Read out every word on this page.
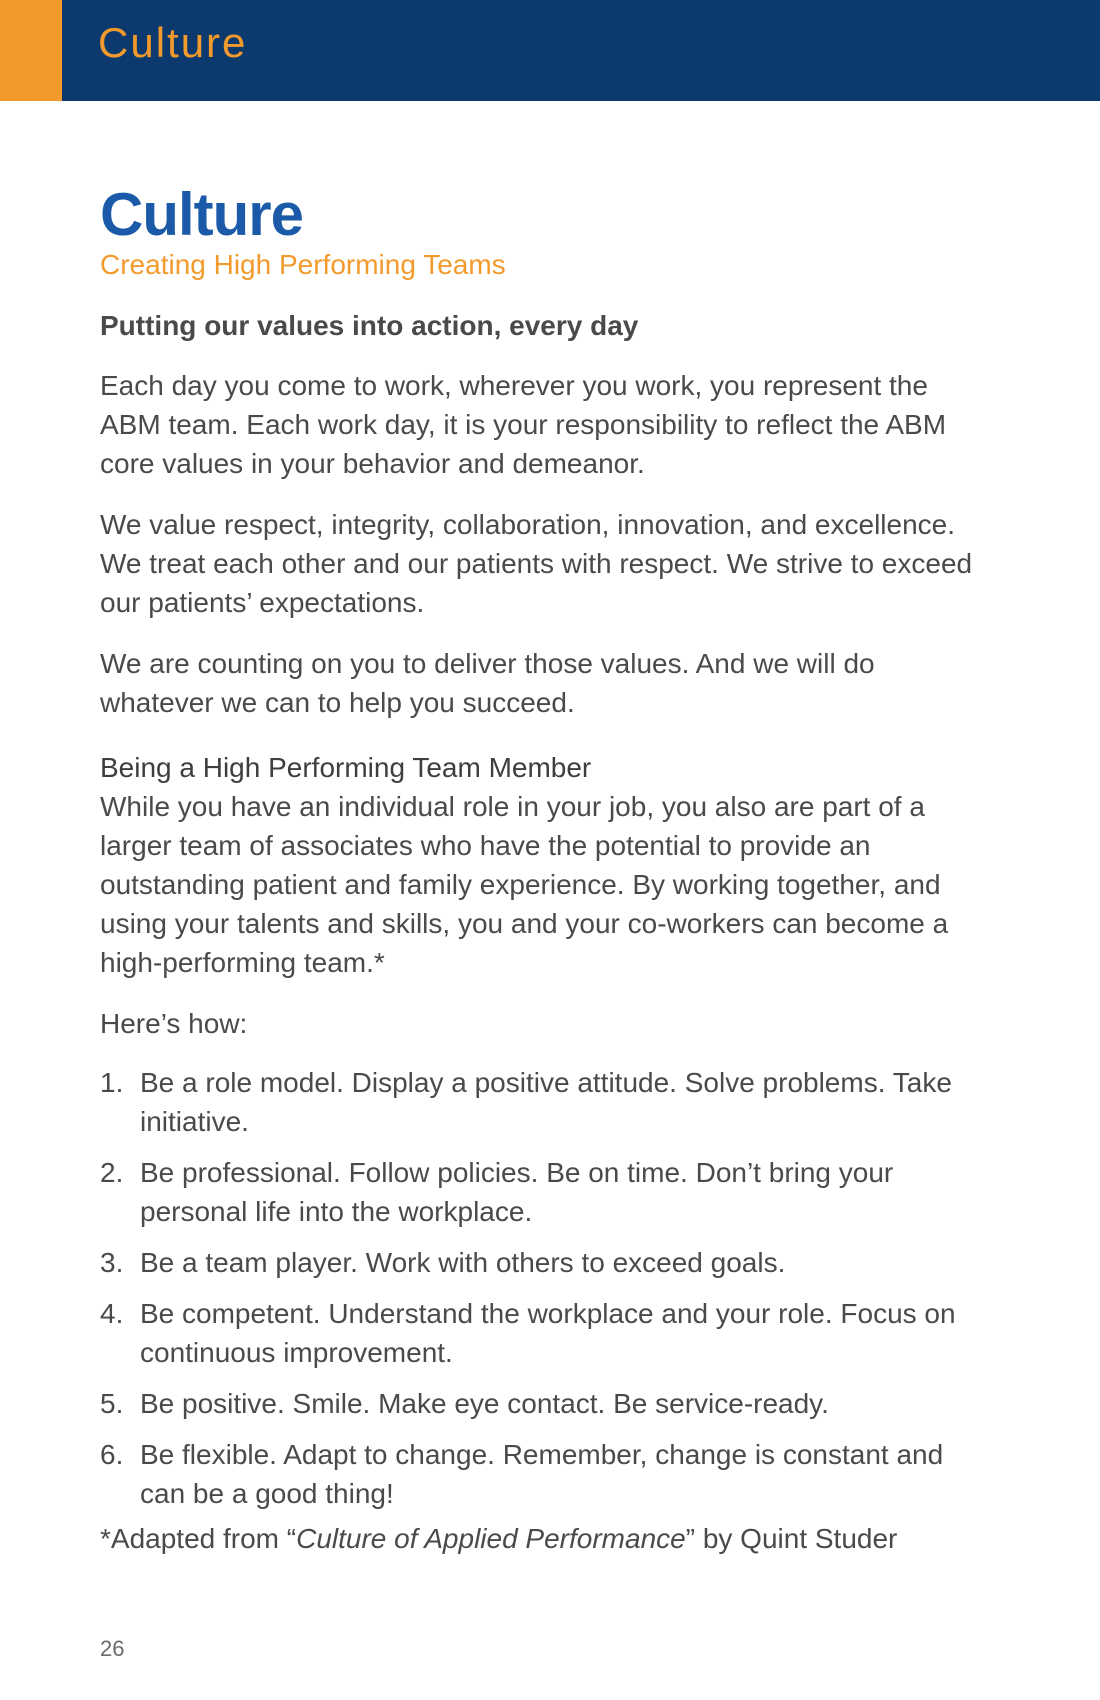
Culture
Culture
Creating High Performing Teams
Putting our values into action, every day

Each day you come to work, wherever you work, you represent the ABM team. Each work day, it is your responsibility to reflect the ABM core values in your behavior and demeanor.

We value respect, integrity, collaboration, innovation, and excellence. We treat each other and our patients with respect. We strive to exceed our patients’ expectations.

We are counting on you to deliver those values. And we will do whatever we can to help you succeed.

Being a High Performing Team Member

While you have an individual role in your job, you also are part of a larger team of associates who have the potential to provide an outstanding patient and family experience. By working together, and using your talents and skills, you and your co-workers can become a high-performing team.*

Here’s how:

1. Be a role model. Display a positive attitude. Solve problems. Take initiative.
2. Be professional. Follow policies. Be on time. Don’t bring your personal life into the workplace.
3. Be a team player. Work with others to exceed goals.
4. Be competent. Understand the workplace and your role. Focus on continuous improvement.
5. Be positive. Smile. Make eye contact. Be service-ready.
6. Be flexible. Adapt to change. Remember, change is constant and can be a good thing!

*Adapted from “Culture of Applied Performance” by Quint Studer

26
